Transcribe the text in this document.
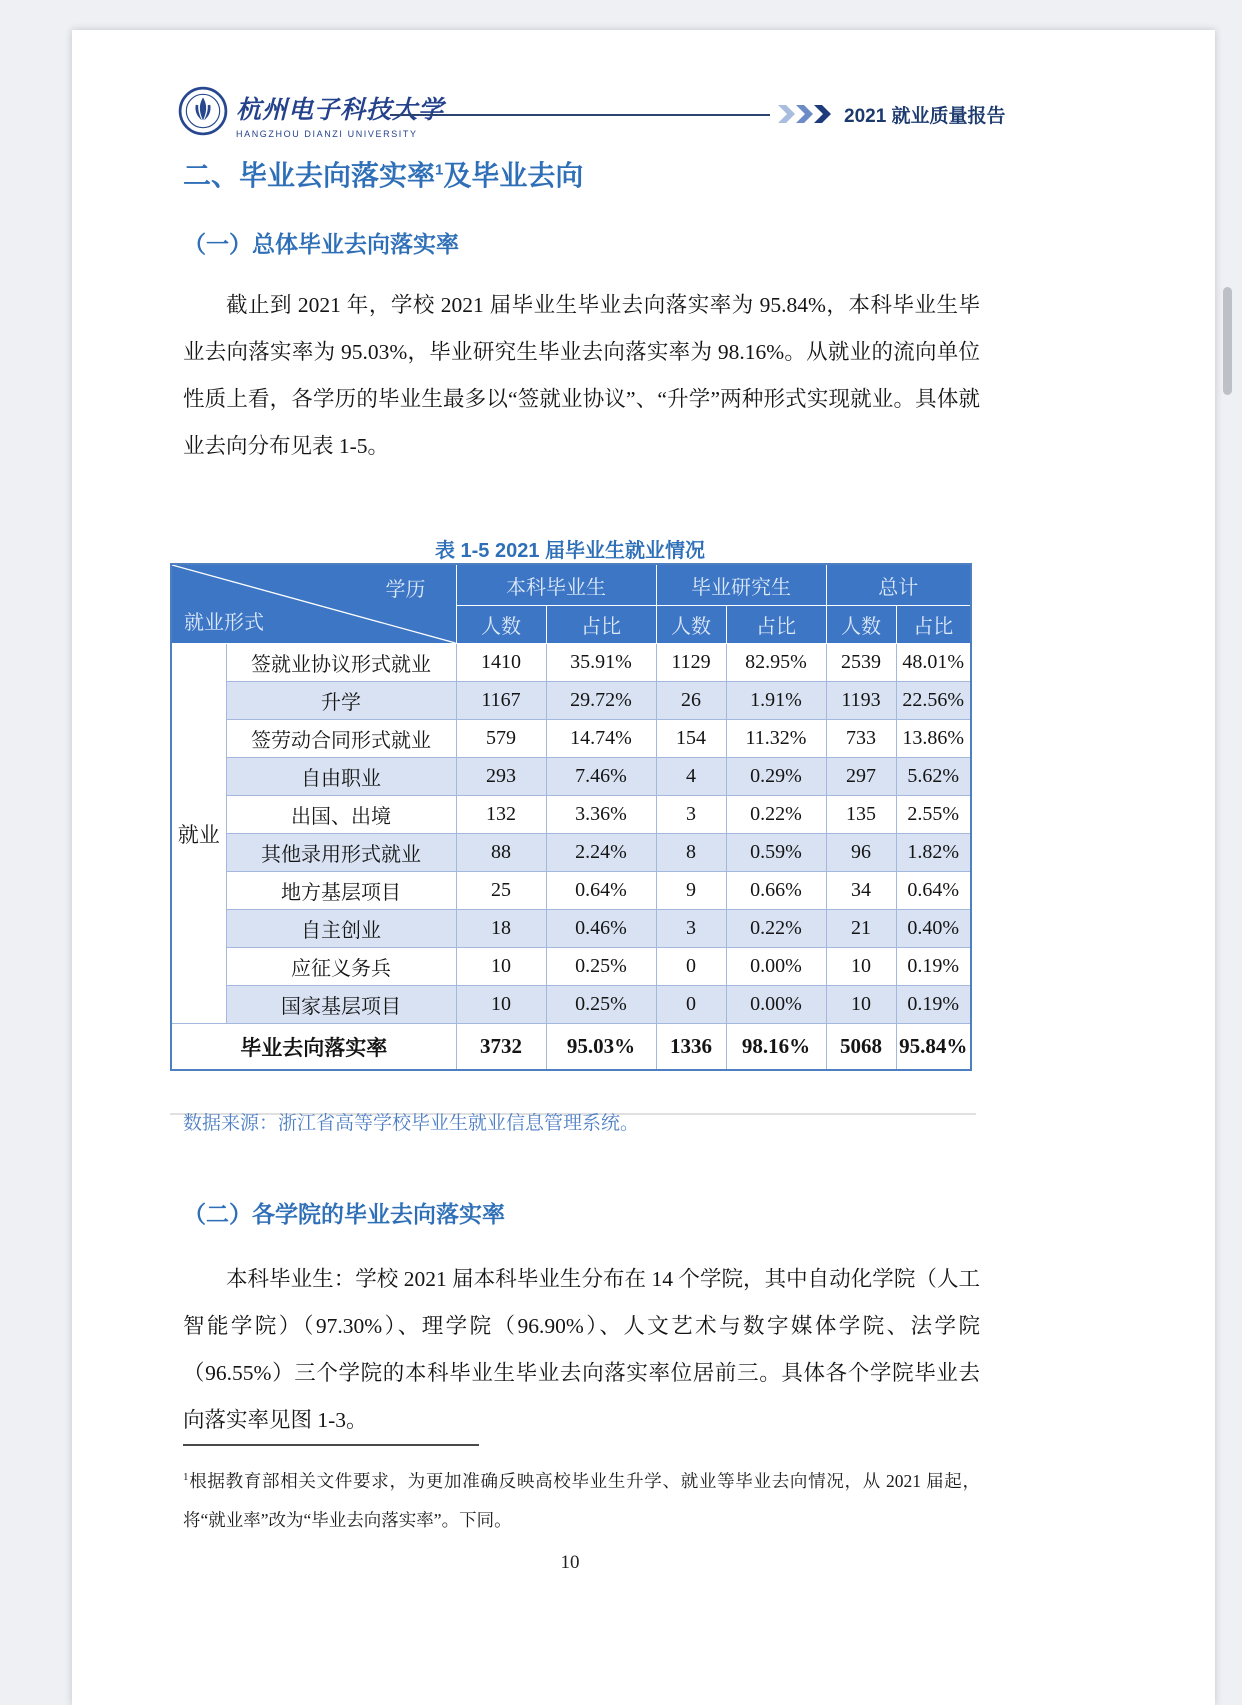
杭州电子科技大学
HANGZHOU DIANZI UNIVERSITY
2021 就业质量报告
二、毕业去向落实率$^1$及毕业去向
（一）总体毕业去向落实率

截止到 2021 年，学校 2021 届毕业生毕业去向落实率为 95.84%，本科毕业生毕业去向落实率为 95.03%，毕业研究生毕业去向落实率为 98.16%。从就业的流向单位性质上看，各学历的毕业生最多以“签就业协议”、“升学”两种形式实现就业。具体就业去向分布见表 1-5。

表 1-5 2021 届毕业生就业情况
就业形式
学历		本科毕业生		毕业研究生		总计	
		人数	占比	人数	占比	人数	占比
就业	签就业协议形式就业	1410	35.91%	1129	82.95%	2539	48.01%
	升学	1167	29.72%	26	1.91%	1193	22.56%
	签劳动合同形式就业	579	14.74%	154	11.32%	733	13.86%
	自由职业	293	7.46%	4	0.29%	297	5.62%
	出国、出境	132	3.36%	3	0.22%	135	2.55%
	其他录用形式就业	88	2.24%	8	0.59%	96	1.82%
	地方基层项目	25	0.64%	9	0.66%	34	0.64%
	自主创业	18	0.46%	3	0.22%	21	0.40%
	应征义务兵	10	0.25%	0	0.00%	10	0.19%
	国家基层项目	10	0.25%	0	0.00%	10	0.19%
毕业去向落实率		3732	95.03%	1336	98.16%	5068	95.84%

数据来源：浙江省高等学校毕业生就业信息管理系统。

（二）各学院的毕业去向落实率

本科毕业生：学校 2021 届本科毕业生分布在 14 个学院，其中自动化学院（人工智能学院）（97.30%）、理学院（96.90%）、人文艺术与数字媒体学院、法学院（96.55%）三个学院的本科毕业生毕业去向落实率位居前三。具体各个学院毕业去向落实率见图 1-3。

$^1$根据教育部相关文件要求，为更加准确反映高校毕业生升学、就业等毕业去向情况，从 2021 届起，将“就业率”改为“毕业去向落实率”。下同。

10
